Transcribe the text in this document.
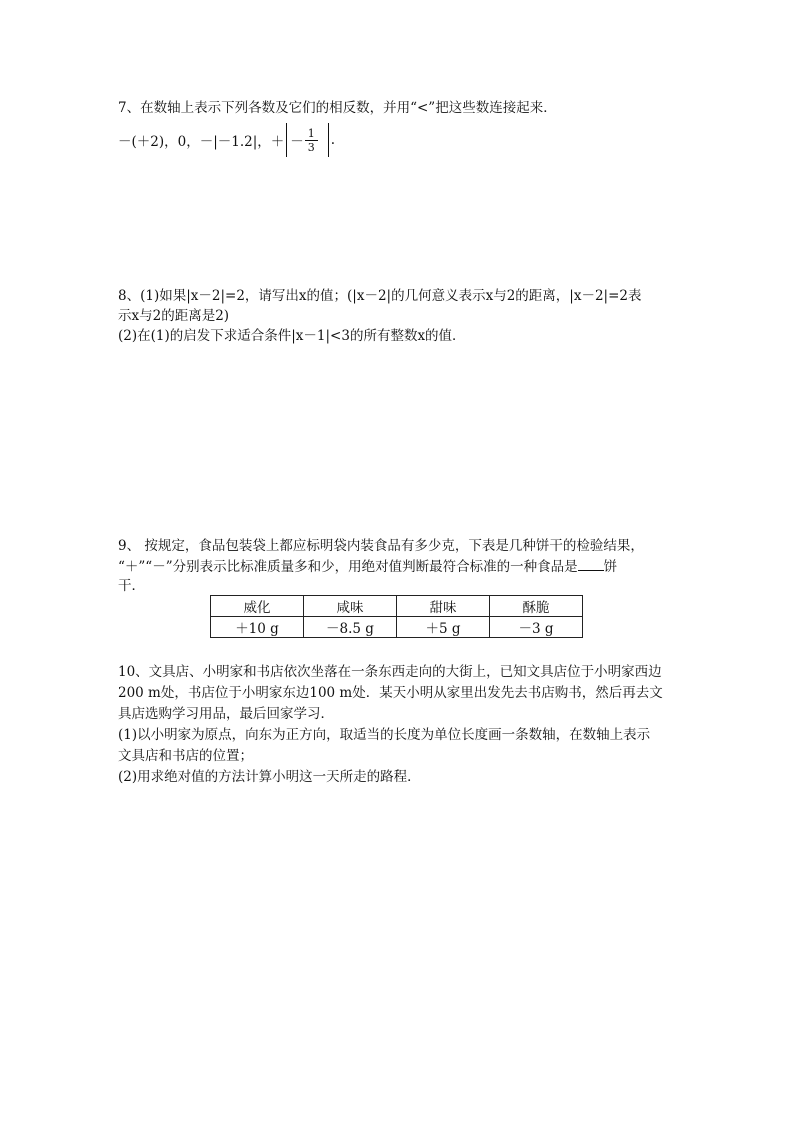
7、在数轴上表示下列各数及它们的相反数，并用“<”把这些数连接起来．
－(＋2)，0，－|－1.2|，＋ － $\frac{1}{3}$ .
8、(1)如果|x－2|=2，请写出x的值；(|x－2|的几何意义表示x与2的距离，|x－2|=2表
示x与2的距离是2)
(2)在(1)的启发下求适合条件|x－1|<3的所有整数x的值．
9、 按规定，食品包装袋上都应标明袋内装食品有多少克，下表是几种饼干的检验结果，
“＋”“－”分别表示比标准质量多和少，用绝对值判断最符合标准的一种食品是 饼
干．
威化	咸味	甜味	酥脆
＋10 g	－8.5 g	＋5 g	－3 g
10、文具店、小明家和书店依次坐落在一条东西走向的大街上，已知文具店位于小明家西边
200 m处，书店位于小明家东边100 m处．某天小明从家里出发先去书店购书，然后再去文
具店选购学习用品，最后回家学习．
(1)以小明家为原点，向东为正方向，取适当的长度为单位长度画一条数轴，在数轴上表示
文具店和书店的位置；
(2)用求绝对值的方法计算小明这一天所走的路程．
